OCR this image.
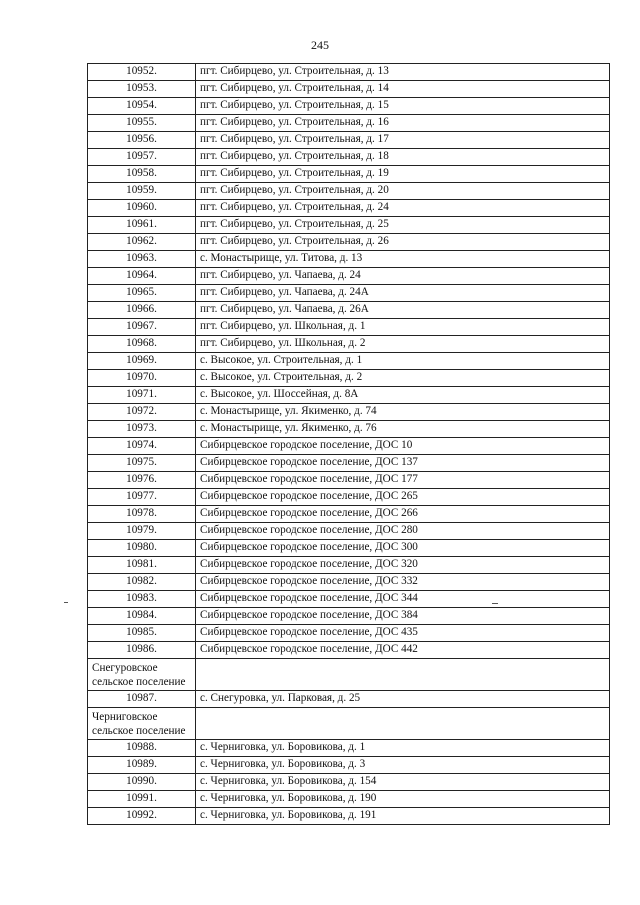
245
10952.	пгт. Сибирцево, ул. Строительная, д. 13
10953.	пгт. Сибирцево, ул. Строительная, д. 14
10954.	пгт. Сибирцево, ул. Строительная, д. 15
10955.	пгт. Сибирцево, ул. Строительная, д. 16
10956.	пгт. Сибирцево, ул. Строительная, д. 17
10957.	пгт. Сибирцево, ул. Строительная, д. 18
10958.	пгт. Сибирцево, ул. Строительная, д. 19
10959.	пгт. Сибирцево, ул. Строительная, д. 20
10960.	пгт. Сибирцево, ул. Строительная, д. 24
10961.	пгт. Сибирцево, ул. Строительная, д. 25
10962.	пгт. Сибирцево, ул. Строительная, д. 26
10963.	с. Монастырище, ул. Титова, д. 13
10964.	пгт. Сибирцево, ул. Чапаева, д. 24
10965.	пгт. Сибирцево, ул. Чапаева, д. 24А
10966.	пгт. Сибирцево, ул. Чапаева, д. 26А
10967.	пгт. Сибирцево, ул. Школьная, д. 1
10968.	пгт. Сибирцево, ул. Школьная, д. 2
10969.	с. Высокое, ул. Строительная, д. 1
10970.	с. Высокое, ул. Строительная, д. 2
10971.	с. Высокое, ул. Шоссейная, д. 8А
10972.	с. Монастырище, ул. Якименко, д. 74
10973.	с. Монастырище, ул. Якименко, д. 76
10974.	Сибирцевское городское поселение, ДОС 10
10975.	Сибирцевское городское поселение, ДОС 137
10976.	Сибирцевское городское поселение, ДОС 177
10977.	Сибирцевское городское поселение, ДОС 265
10978.	Сибирцевское городское поселение, ДОС 266
10979.	Сибирцевское городское поселение, ДОС 280
10980.	Сибирцевское городское поселение, ДОС 300
10981.	Сибирцевское городское поселение, ДОС 320
10982.	Сибирцевское городское поселение, ДОС 332
10983.	Сибирцевское городское поселение, ДОС 344
10984.	Сибирцевское городское поселение, ДОС 384
10985.	Сибирцевское городское поселение, ДОС 435
10986.	Сибирцевское городское поселение, ДОС 442
Снегуровское сельское поселение	
10987.	с. Снегуровка, ул. Парковая, д. 25
Черниговское сельское поселение	
10988.	с. Черниговка, ул. Боровикова, д. 1
10989.	с. Черниговка, ул. Боровикова, д. 3
10990.	с. Черниговка, ул. Боровикова, д. 154
10991.	с. Черниговка, ул. Боровикова, д. 190
10992.	с. Черниговка, ул. Боровикова, д. 191
